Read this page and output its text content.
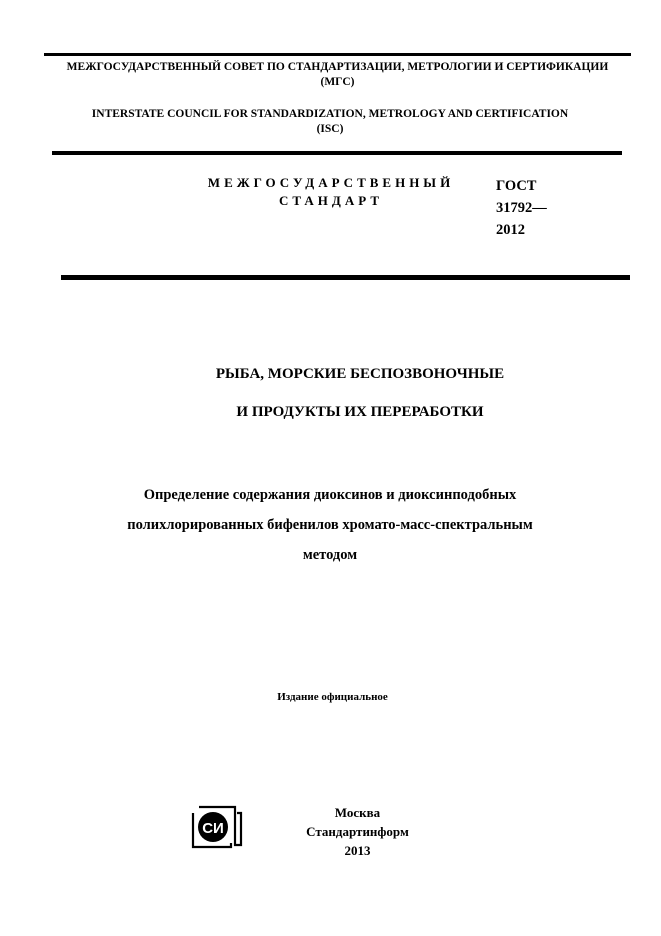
МЕЖГОСУДАРСТВЕННЫЙ СОВЕТ ПО СТАНДАРТИЗАЦИИ, МЕТРОЛОГИИ И СЕРТИФИКАЦИИ
(МГС)
INTERSTATE COUNCIL FOR STANDARDIZATION, METROLOGY AND CERTIFICATION
(ISC)
МЕЖГОСУДАРСТВЕННЫЙ
СТАНДАРТ
ГОСТ
31792—
2012
РЫБА, МОРСКИЕ БЕСПОЗВОНОЧНЫЕ
И ПРОДУКТЫ ИХ ПЕРЕРАБОТКИ
Определение содержания диоксинов и диоксинподобных
полихлорированных бифенилов хромато-масс-спектральным
методом
Издание официальное
СИ
Москва
Стандартинформ
2013
